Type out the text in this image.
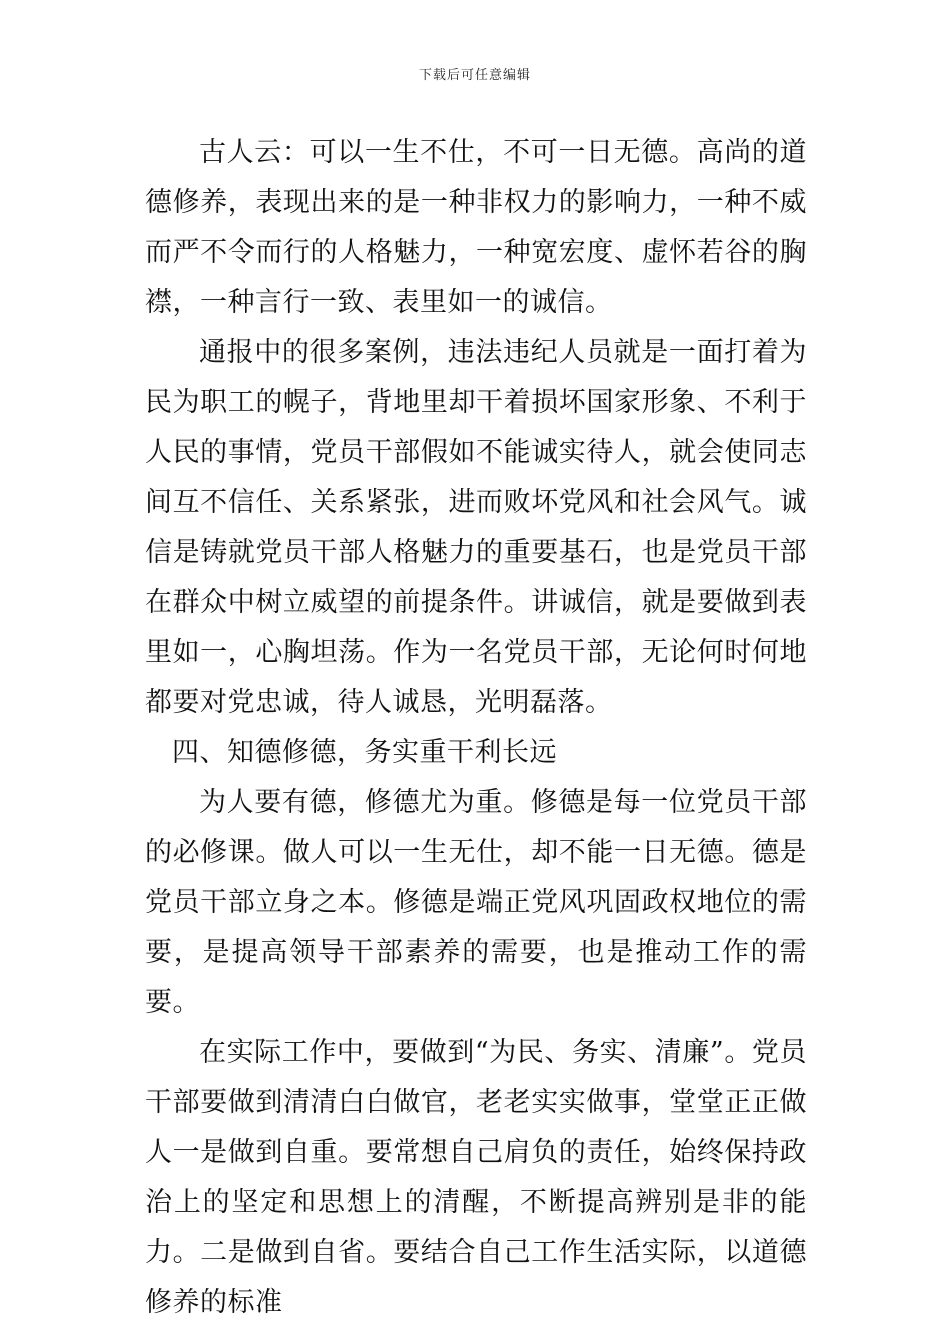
下载后可任意编辑

古人云：可以一生不仕，不可一日无德。高尚的道德修养，表现出来的是一种非权力的影响力，一种不威而严不令而行的人格魅力，一种宽宏度、虚怀若谷的胸襟，一种言行一致、表里如一的诚信。

通报中的很多案例，违法违纪人员就是一面打着为民为职工的幌子，背地里却干着损坏国家形象、不利于人民的事情，党员干部假如不能诚实待人，就会使同志间互不信任、关系紧张，进而败坏党风和社会风气。诚信是铸就党员干部人格魅力的重要基石，也是党员干部在群众中树立威望的前提条件。讲诚信，就是要做到表里如一，心胸坦荡。作为一名党员干部，无论何时何地都要对党忠诚，待人诚恳，光明磊落。

四、知德修德，务实重干利长远

为人要有德，修德尤为重。修德是每一位党员干部的必修课。做人可以一生无仕，却不能一日无德。德是党员干部立身之本。修德是端正党风巩固政权地位的需要，是提高领导干部素养的需要，也是推动工作的需要。

在实际工作中，要做到“为民、务实、清廉”。党员干部要做到清清白白做官，老老实实做事，堂堂正正做人一是做到自重。要常想自己肩负的责任，始终保持政治上的坚定和思想上的清醒，不断提高辨别是非的能力。二是做到自省。要结合自己工作生活实际，以道德修养的标准
